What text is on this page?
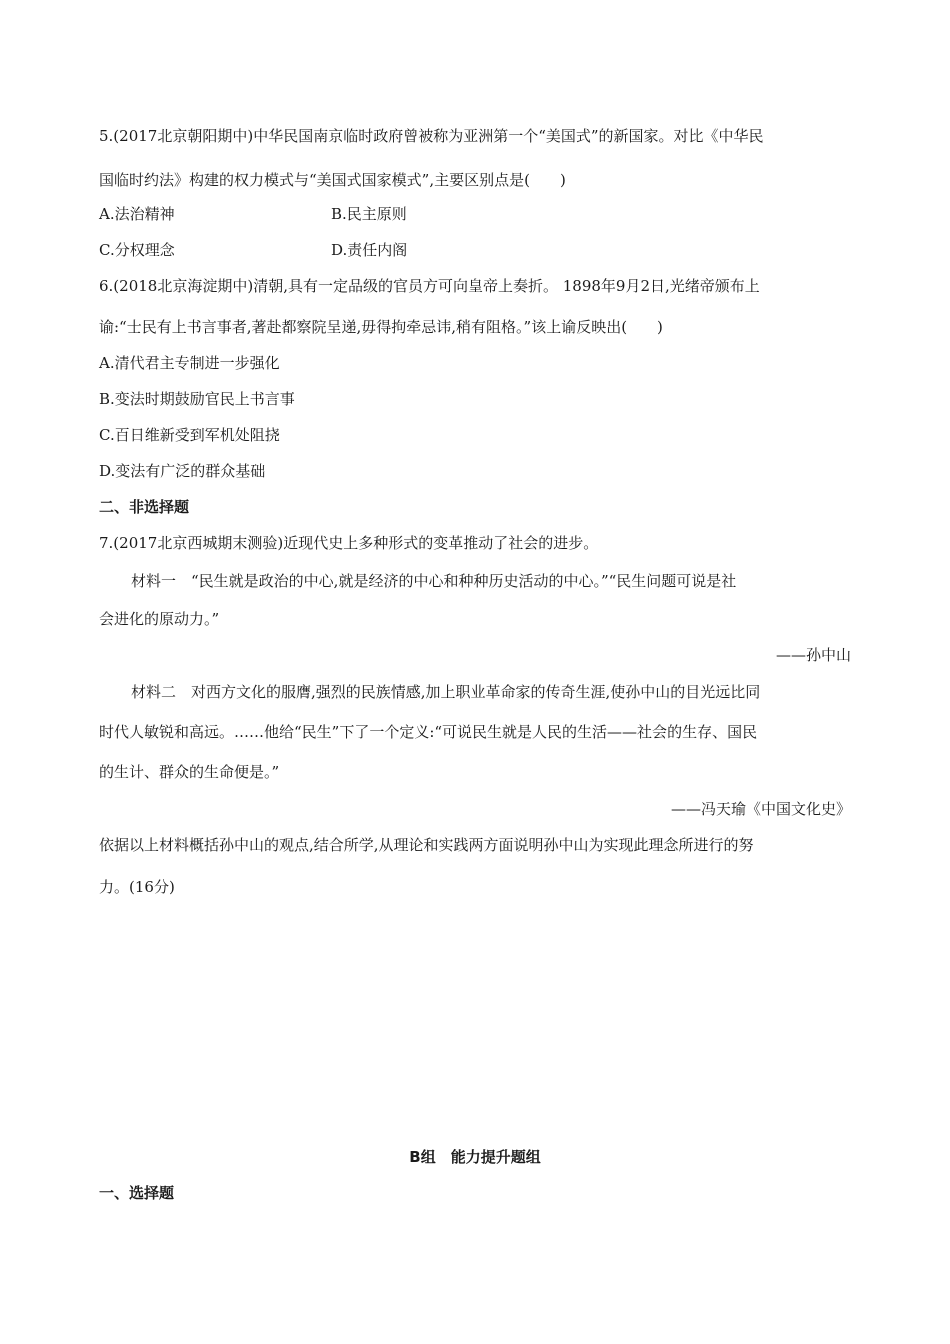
5.(2017北京朝阳期中)中华民国南京临时政府曾被称为亚洲第一个“美国式”的新国家。对比《中华民
国临时约法》构建的权力模式与“美国式国家模式”,主要区别点是(　　)
A.法治精神	B.民主原则
C.分权理念	D.责任内阁
6.(2018北京海淀期中)清朝,具有一定品级的官员方可向皇帝上奏折。 1898年9月2日,光绪帝颁布上
谕:“士民有上书言事者,著赴都察院呈递,毋得拘牵忌讳,稍有阻格。”该上谕反映出(　　)
A.清代君主专制进一步强化
B.变法时期鼓励官民上书言事
C.百日维新受到军机处阻挠
D.变法有广泛的群众基础
二、非选择题
7.(2017北京西城期末测验)近现代史上多种形式的变革推动了社会的进步。
材料一　“民生就是政治的中心,就是经济的中心和种种历史活动的中心。”“民生问题可说是社
会进化的原动力。”
——孙中山
材料二　对西方文化的服膺,强烈的民族情感,加上职业革命家的传奇生涯,使孙中山的目光远比同
时代人敏锐和高远。……他给“民生”下了一个定义:“可说民生就是人民的生活——社会的生存、国民
的生计、群众的生命便是。”
——冯天瑜《中国文化史》
依据以上材料概括孙中山的观点,结合所学,从理论和实践两方面说明孙中山为实现此理念所进行的努
力。(16分)
B组　能力提升题组
一、选择题
